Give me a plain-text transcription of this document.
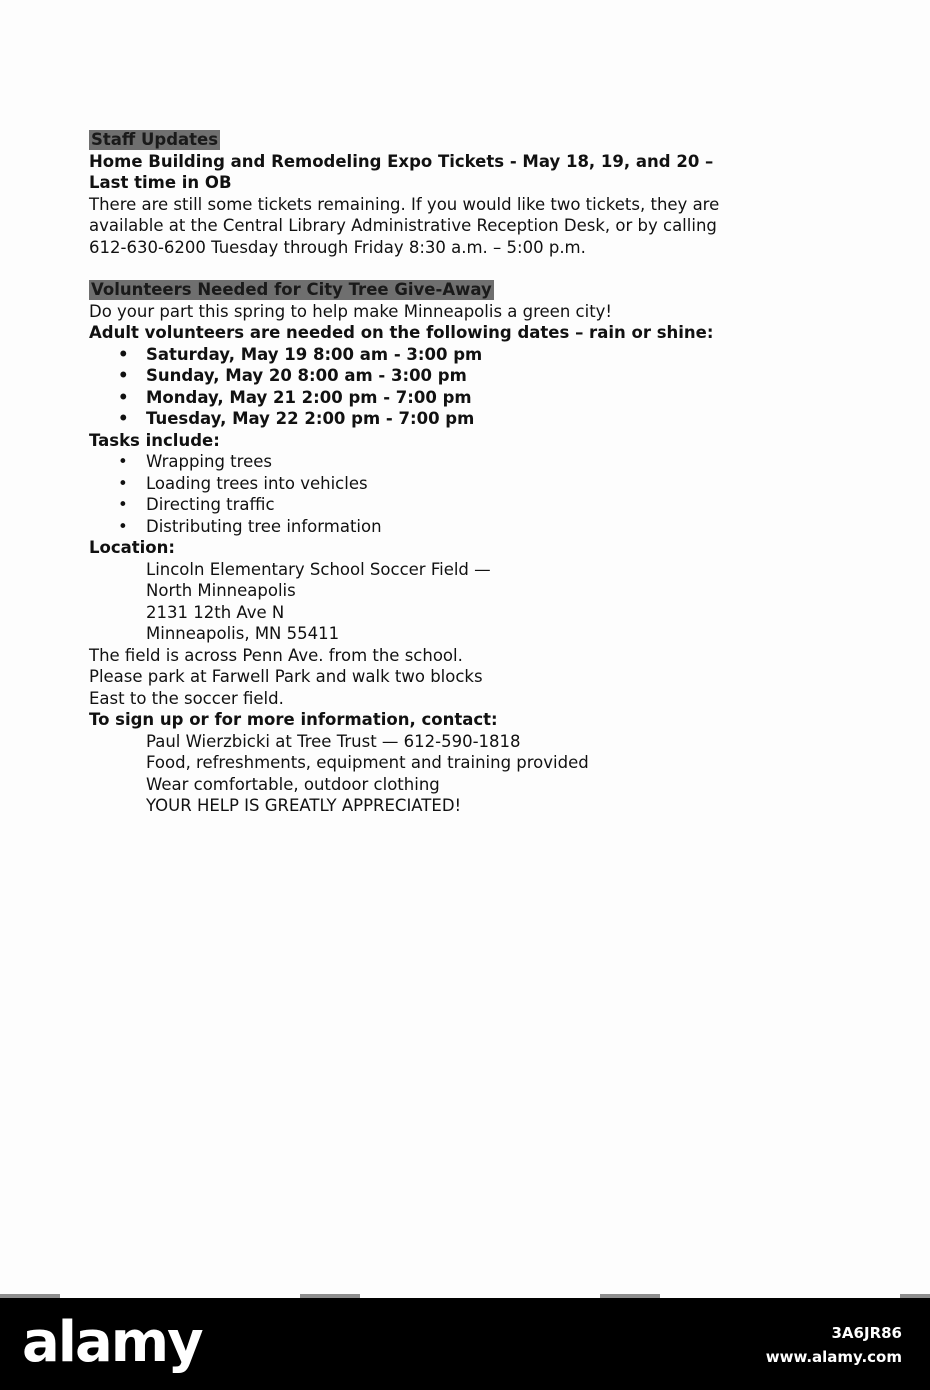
Staff Updates
Home Building and Remodeling Expo Tickets - May 18, 19, and 20 –
Last time in OB
There are still some tickets remaining. If you would like two tickets, they are
available at the Central Library Administrative Reception Desk, or by calling
612-630-6200 Tuesday through Friday 8:30 a.m. – 5:00 p.m.
Volunteers Needed for City Tree Give-Away
Do your part this spring to help make Minneapolis a green city!
Adult volunteers are needed on the following dates – rain or shine:
• Saturday, May 19 8:00 am - 3:00 pm
• Sunday, May 20 8:00 am - 3:00 pm
• Monday, May 21 2:00 pm - 7:00 pm
• Tuesday, May 22 2:00 pm - 7:00 pm
Tasks include:
• Wrapping trees
• Loading trees into vehicles
• Directing traffic
• Distributing tree information
Location:
Lincoln Elementary School Soccer Field —
North Minneapolis
2131 12th Ave N
Minneapolis, MN 55411
The field is across Penn Ave. from the school.
Please park at Farwell Park and walk two blocks
East to the soccer field.
To sign up or for more information, contact:
Paul Wierzbicki at Tree Trust — 612-590-1818
Food, refreshments, equipment and training provided
Wear comfortable, outdoor clothing
YOUR HELP IS GREATLY APPRECIATED!
alamy	3A6JR86
www.alamy.com
